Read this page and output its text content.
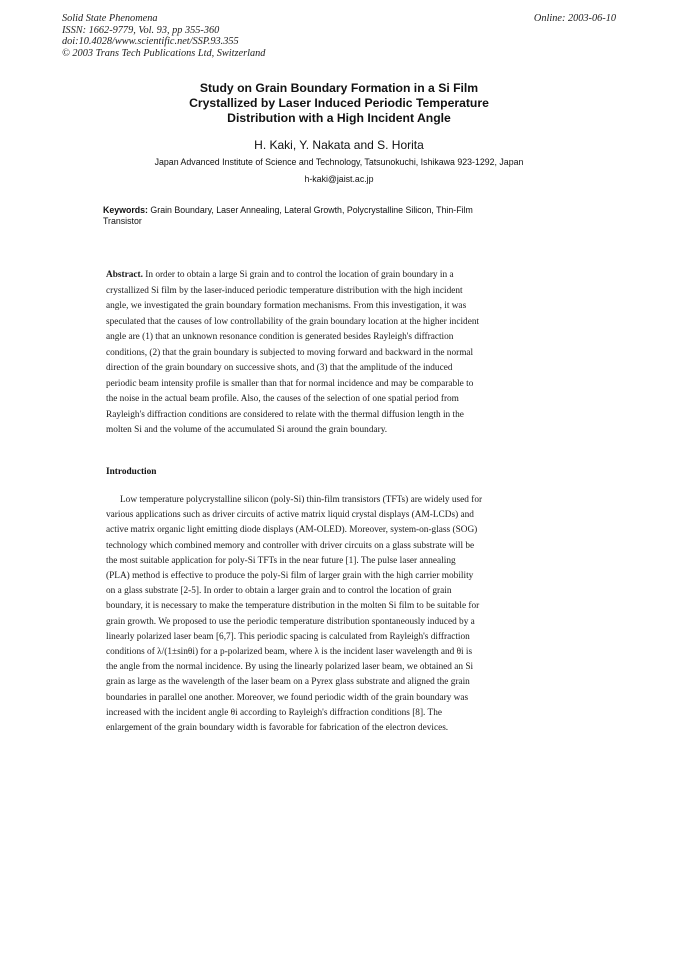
Solid State Phenomena
ISSN: 1662-9779, Vol. 93, pp 355-360
doi:10.4028/www.scientific.net/SSP.93.355
© 2003 Trans Tech Publications Ltd, Switzerland
Online: 2003-06-10
Study on Grain Boundary Formation in a Si Film
Crystallized by Laser Induced Periodic Temperature
Distribution with a High Incident Angle
H. Kaki, Y. Nakata and S. Horita
Japan Advanced Institute of Science and Technology, Tatsunokuchi, Ishikawa 923-1292, Japan
h-kaki@jaist.ac.jp
Keywords: Grain Boundary, Laser Annealing, Lateral Growth, Polycrystalline Silicon, Thin-Film
Transistor
Abstract. In order to obtain a large Si grain and to control the location of grain boundary in a
crystallized Si film by the laser-induced periodic temperature distribution with the high incident
angle, we investigated the grain boundary formation mechanisms. From this investigation, it was
speculated that the causes of low controllability of the grain boundary location at the higher incident
angle are (1) that an unknown resonance condition is generated besides Rayleigh's diffraction
conditions, (2) that the grain boundary is subjected to moving forward and backward in the normal
direction of the grain boundary on successive shots, and (3) that the amplitude of the induced
periodic beam intensity profile is smaller than that for normal incidence and may be comparable to
the noise in the actual beam profile. Also, the causes of the selection of one spatial period from
Rayleigh's diffraction conditions are considered to relate with the thermal diffusion length in the
molten Si and the volume of the accumulated Si around the grain boundary.
Introduction
Low temperature polycrystalline silicon (poly-Si) thin-film transistors (TFTs) are widely used for
various applications such as driver circuits of active matrix liquid crystal displays (AM-LCDs) and
active matrix organic light emitting diode displays (AM-OLED). Moreover, system-on-glass (SOG)
technology which combined memory and controller with driver circuits on a glass substrate will be
the most suitable application for poly-Si TFTs in the near future [1]. The pulse laser annealing
(PLA) method is effective to produce the poly-Si film of larger grain with the high carrier mobility
on a glass substrate [2-5]. In order to obtain a larger grain and to control the location of grain
boundary, it is necessary to make the temperature distribution in the molten Si film to be suitable for
grain growth. We proposed to use the periodic temperature distribution spontaneously induced by a
linearly polarized laser beam [6,7]. This periodic spacing is calculated from Rayleigh's diffraction
conditions of λ/(1±sinθi) for a p-polarized beam, where λ is the incident laser wavelength and θi is
the angle from the normal incidence. By using the linearly polarized laser beam, we obtained an Si
grain as large as the wavelength of the laser beam on a Pyrex glass substrate and aligned the grain
boundaries in parallel one another. Moreover, we found periodic width of the grain boundary was
increased with the incident angle θi according to Rayleigh's diffraction conditions [8]. The
enlargement of the grain boundary width is favorable for fabrication of the electron devices.
